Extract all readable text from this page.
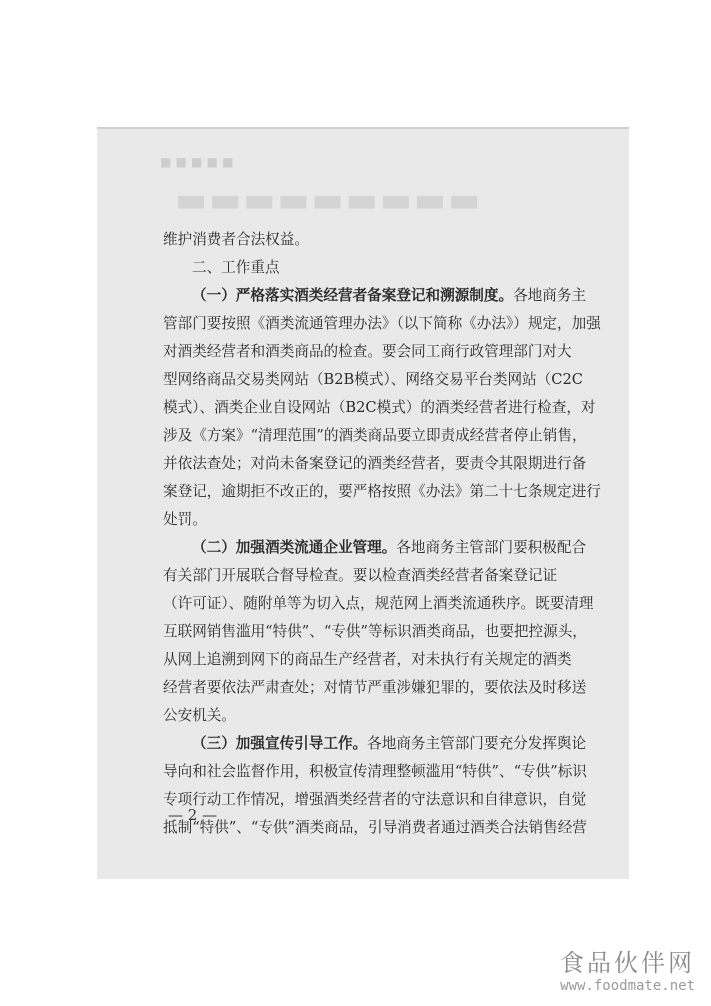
■ ■ ■ ■ ■
▬▬▬▬▬▬▬▬▬
维护消费者合法权益。
二、工作重点
（一）严格落实酒类经营者备案登记和溯源制度。各地商务主
管部门要按照《酒类流通管理办法》（以下简称《办法》）规定，加强
对酒类经营者和酒类商品的检查。要会同工商行政管理部门对大
型网络商品交易类网站（B2B模式）、网络交易平台类网站（C2C
模式）、酒类企业自设网站（B2C模式）的酒类经营者进行检查，对
涉及《方案》“清理范围”的酒类商品要立即责成经营者停止销售，
并依法查处；对尚未备案登记的酒类经营者，要责令其限期进行备
案登记，逾期拒不改正的，要严格按照《办法》第二十七条规定进行
处罚。
（二）加强酒类流通企业管理。各地商务主管部门要积极配合
有关部门开展联合督导检查。要以检查酒类经营者备案登记证
（许可证）、随附单等为切入点，规范网上酒类流通秩序。既要清理
互联网销售滥用“特供”、“专供”等标识酒类商品，也要把控源头，
从网上追溯到网下的商品生产经营者，对未执行有关规定的酒类
经营者要依法严肃查处；对情节严重涉嫌犯罪的，要依法及时移送
公安机关。
（三）加强宣传引导工作。各地商务主管部门要充分发挥舆论
导向和社会监督作用，积极宣传清理整顿滥用“特供”、“专供”标识
专项行动工作情况，增强酒类经营者的守法意识和自律意识，自觉
抵制“特供”、“专供”酒类商品，引导消费者通过酒类合法销售经营
— 2 —
食品伙伴网
www.foodmate.net
